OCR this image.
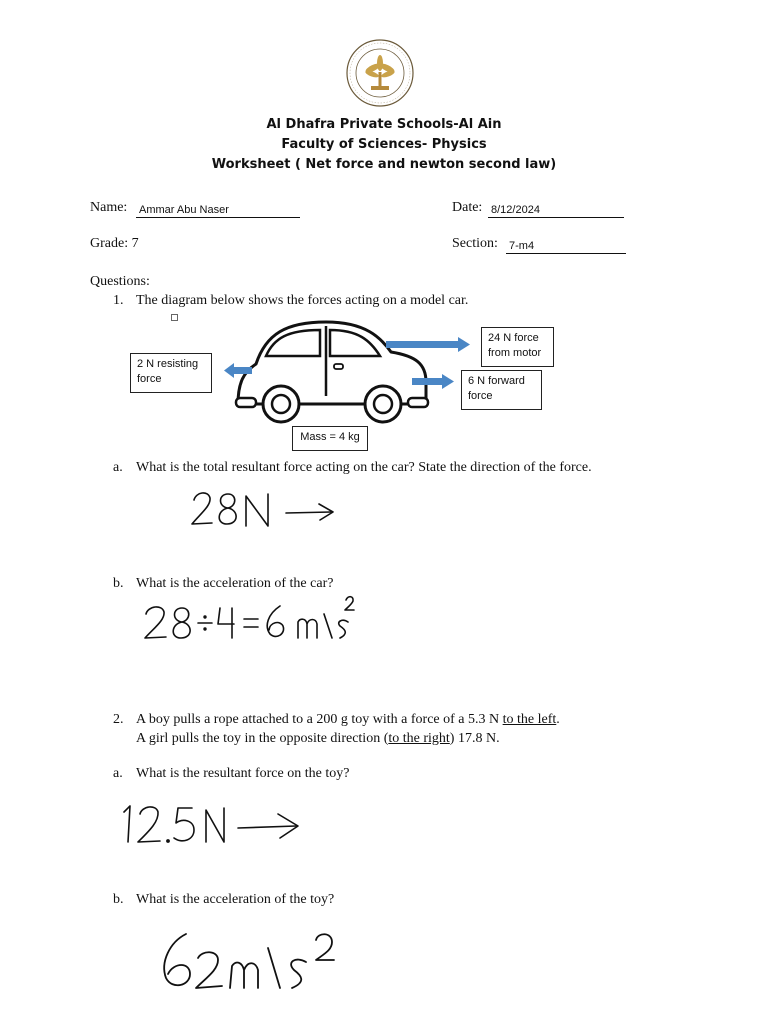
Al Dhafra Private Schools-Al Ain
Faculty of Sciences- Physics
Worksheet ( Net force and newton second law)
Name: Ammar Abu Naser	Date: 8/12/2024
Grade: 7	Section: 7-m4
Questions:
1. The diagram below shows the forces acting on a model car.
2 N resisting
force
24 N force
from motor
6 N forward
force
Mass = 4 kg
a. What is the total resultant force acting on the car? State the direction of the force.
b. What is the acceleration of the car?
2. A boy pulls a rope attached to a 200 g toy with a force of a 5.3 N to the left.
A girl pulls the toy in the opposite direction (to the right) 17.8 N.
a. What is the resultant force on the toy?
b. What is the acceleration of the toy?
